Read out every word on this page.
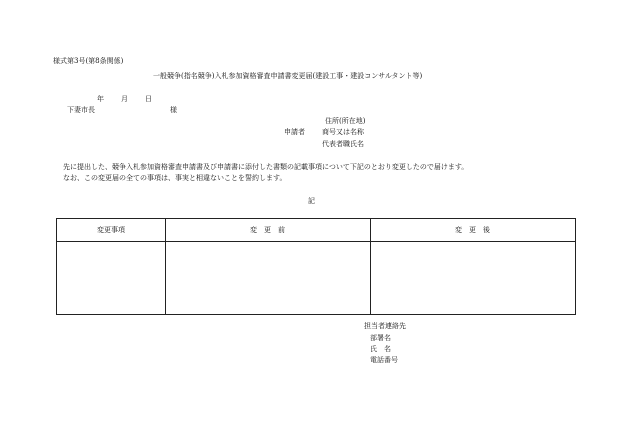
様式第3号(第8条関係)
一般競争(指名競争)入札参加資格審査申請書変更届(建設工事・建設コンサルタント等)
年 月 日
下妻市長	様
住所(所在地)
申請者 商号又は名称
代表者職氏名
先に提出した、競争入札参加資格審査申請書及び申請書に添付した書類の記載事項について下記のとおり変更したので届けます。
なお、この変更届の全ての事項は、事実と相違ないことを誓約します。
記
変更事項	変　更　前	変　更　後
担当者連絡先
部署名
氏　名
電話番号
